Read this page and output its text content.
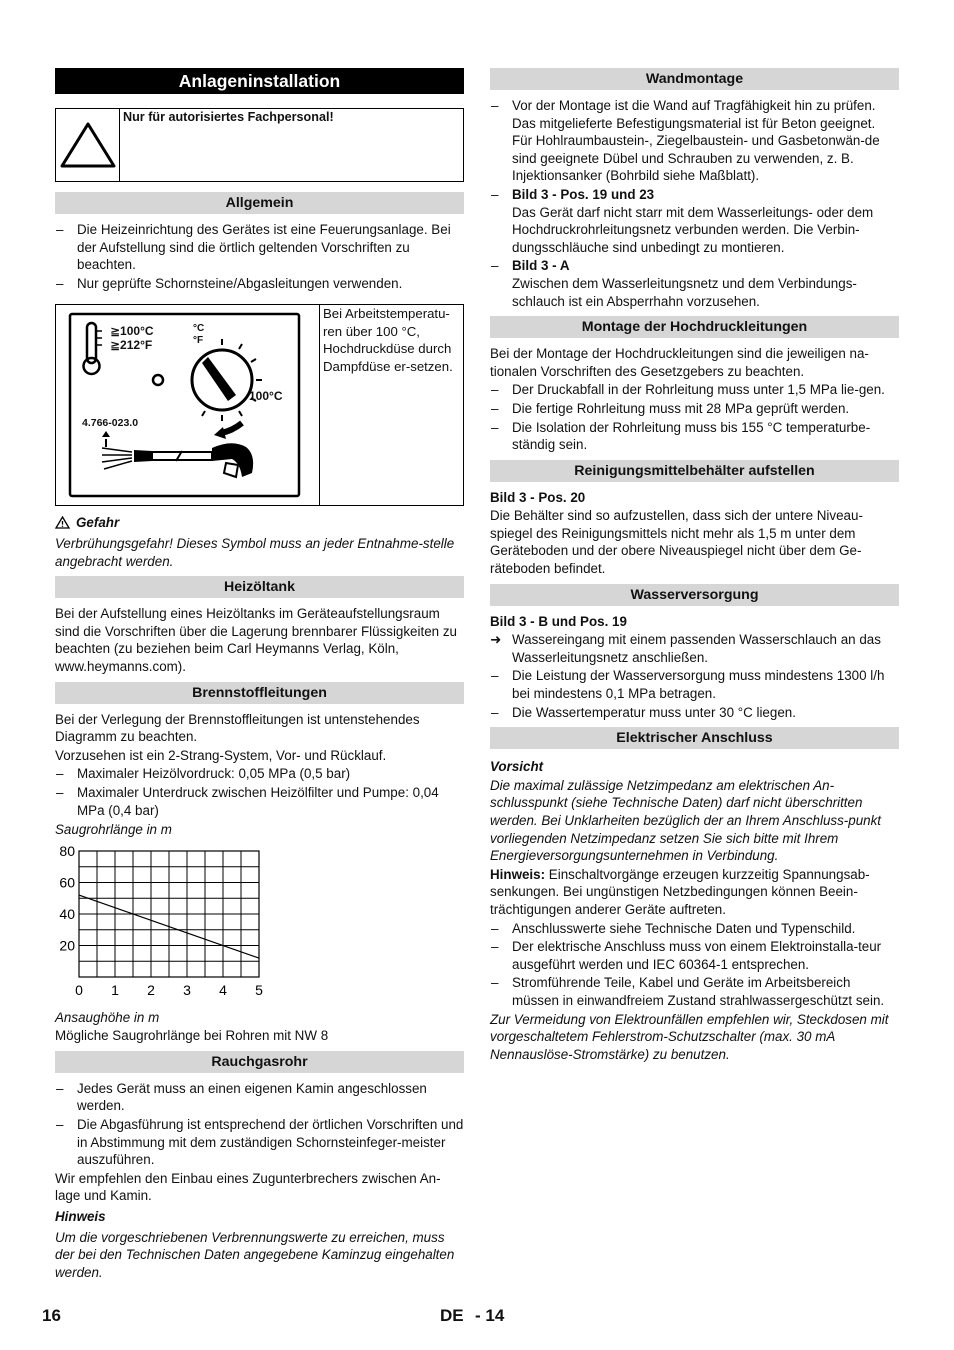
Anlageninstallation
Nur für autorisiertes Fachpersonal!
Allgemein
– Die Heizeinrichtung des Gerätes ist eine Feuerungsanlage. Bei der Aufstellung sind die örtlich geltenden Vorschriften zu beachten.
– Nur geprüfte Schornsteine/Abgasleitungen verwenden.
≧100°C
≧212°F
°C
°F
100°C
4.766-023.0
Bei Arbeitstemperatu-ren über 100 °C, Hochdruckdüse durch Dampfdüse er-setzen.

Gefahr

Verbrühungsgefahr! Dieses Symbol muss an jeder Entnahme-stelle angebracht werden.

Heizöltank

Bei der Aufstellung eines Heizöltanks im Geräteaufstellungsraum sind die Vorschriften über die Lagerung brennbarer Flüssigkeiten zu beachten (zu beziehen beim Carl Heymanns Verlag, Köln, www.heymanns.com).

Brennstoffleitungen

Bei der Verlegung der Brennstoffleitungen ist untenstehendes Diagramm zu beachten.

Vorzusehen ist ein 2-Strang-System, Vor- und Rücklauf.

– Maximaler Heizölvordruck: 0,05 MPa (0,5 bar)
– Maximaler Unterdruck zwischen Heizölfilter und Pumpe: 0,04 MPa (0,4 bar)

Saugrohrlänge in m

0 1 2 3 4 5
20
40
60
80

Ansaughöhe in m

Mögliche Saugrohrlänge bei Rohren mit NW 8

Rauchgasrohr
– Jedes Gerät muss an einen eigenen Kamin angeschlossen werden.
– Die Abgasführung ist entsprechend der örtlichen Vorschriften und in Abstimmung mit dem zuständigen Schornsteinfeger-meister auszuführen.

Wir empfehlen den Einbau eines Zugunterbrechers zwischen An-lage und Kamin.

Hinweis

Um die vorgeschriebenen Verbrennungswerte zu erreichen, muss der bei den Technischen Daten angegebene Kaminzug eingehalten werden.

Wandmontage
– Vor der Montage ist die Wand auf Tragfähigkeit hin zu prüfen. Das mitgelieferte Befestigungsmaterial ist für Beton geeignet. Für Hohlraumbaustein-, Ziegelbaustein- und Gasbetonwän-de sind geeignete Dübel und Schrauben zu verwenden, z. B. Injektionsanker (Bohrbild siehe Maßblatt).
– Bild 3 - Pos. 19 und 23
Das Gerät darf nicht starr mit dem Wasserleitungs- oder dem Hochdruckrohrleitungsnetz verbunden werden. Die Verbin-dungsschläuche sind unbedingt zu montieren.
– Bild 3 - A
Zwischen dem Wasserleitungsnetz und dem Verbindungs-schlauch ist ein Absperrhahn vorzusehen.
Montage der Hochdruckleitungen

Bei der Montage der Hochdruckleitungen sind die jeweiligen na-tionalen Vorschriften des Gesetzgebers zu beachten.

– Der Druckabfall in der Rohrleitung muss unter 1,5 MPa lie-gen.
– Die fertige Rohrleitung muss mit 28 MPa geprüft werden.
– Die Isolation der Rohrleitung muss bis 155 °C temperaturbe-ständig sein.
Reinigungsmittelbehälter aufstellen

Bild 3 - Pos. 20

Die Behälter sind so aufzustellen, dass sich der untere Niveau-spiegel des Reinigungsmittels nicht mehr als 1,5 m unter dem Geräteboden und der obere Niveauspiegel nicht über dem Ge-räteboden befindet.

Wasserversorgung

Bild 3 - B und Pos. 19

➜ Wassereingang mit einem passenden Wasserschlauch an das Wasserleitungsnetz anschließen.
– Die Leistung der Wasserversorgung muss mindestens 1300 l/h bei mindestens 0,1 MPa betragen.
– Die Wassertemperatur muss unter 30 °C liegen.
Elektrischer Anschluss

Vorsicht

Die maximal zulässige Netzimpedanz am elektrischen An-schlusspunkt (siehe Technische Daten) darf nicht überschritten werden. Bei Unklarheiten bezüglich der an Ihrem Anschluss-punkt vorliegenden Netzimpedanz setzen Sie sich bitte mit Ihrem Energieversorgungsunternehmen in Verbindung.

Hinweis: Einschaltvorgänge erzeugen kurzzeitig Spannungsab-senkungen. Bei ungünstigen Netzbedingungen können Beein-trächtigungen anderer Geräte auftreten.

– Anschlusswerte siehe Technische Daten und Typenschild.
– Der elektrische Anschluss muss von einem Elektroinstalla-teur ausgeführt werden und IEC 60364-1 entsprechen.
– Stromführende Teile, Kabel und Geräte im Arbeitsbereich müssen in einwandfreiem Zustand strahlwassergeschützt sein.

Zur Vermeidung von Elektrounfällen empfehlen wir, Steckdosen mit vorgeschaltetem Fehlerstrom-Schutzschalter (max. 30 mA Nennauslöse-Stromstärke) zu benutzen.

16	DE - 14
